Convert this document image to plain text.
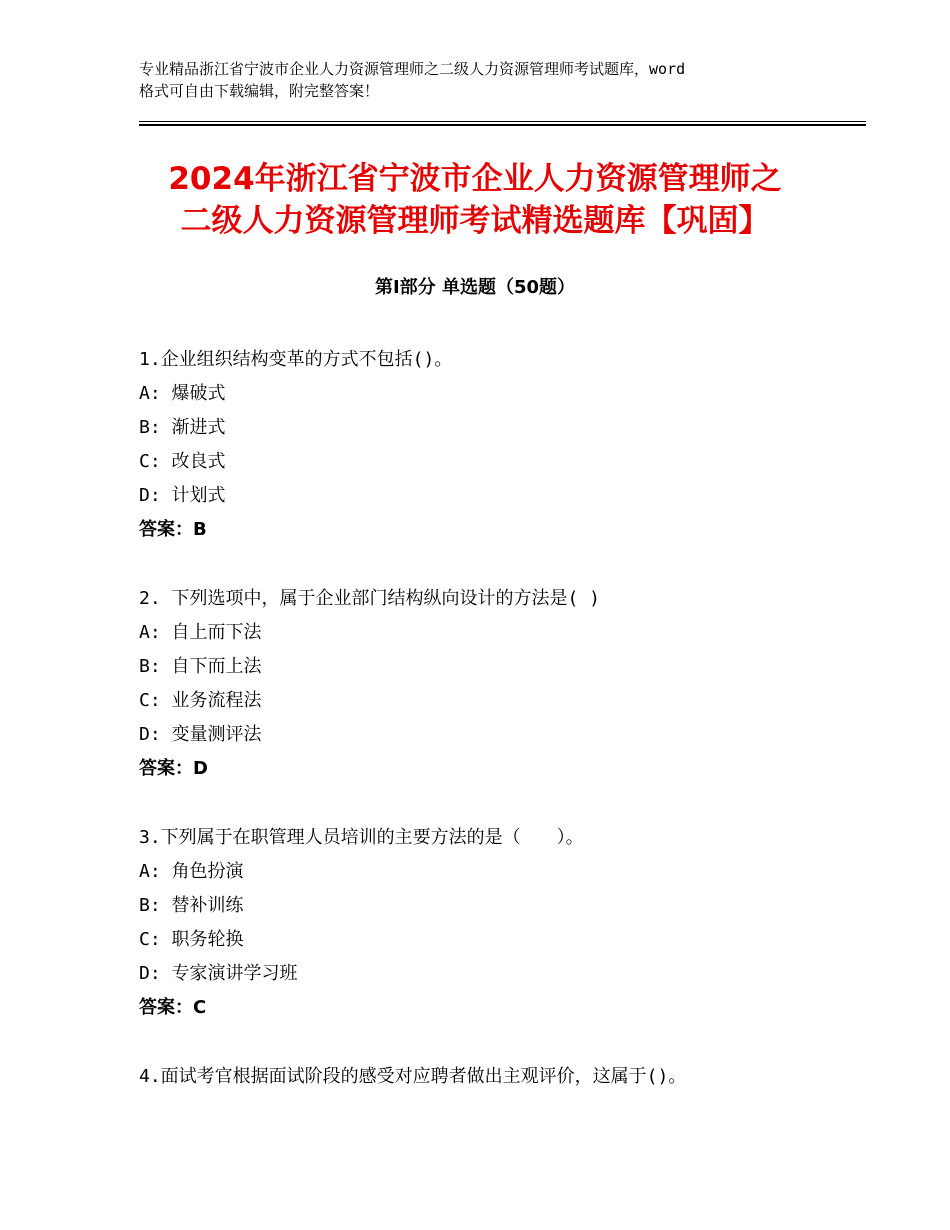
专业精品浙江省宁波市企业人力资源管理师之二级人力资源管理师考试题库，word
格式可自由下载编辑，附完整答案！
2024年浙江省宁波市企业人力资源管理师之
二级人力资源管理师考试精选题库【巩固】
第Ⅰ部分 单选题（50题）
1.企业组织结构变革的方式不包括()。
A: 爆破式
B: 渐进式
C: 改良式
D: 计划式
答案：B
2. 下列选项中，属于企业部门结构纵向设计的方法是( )
A: 自上而下法
B: 自下而上法
C: 业务流程法
D: 变量测评法
答案：D
3.下列属于在职管理人员培训的主要方法的是（　　）。
A: 角色扮演
B: 替补训练
C: 职务轮换
D: 专家演讲学习班
答案：C
4.面试考官根据面试阶段的感受对应聘者做出主观评价，这属于()。
